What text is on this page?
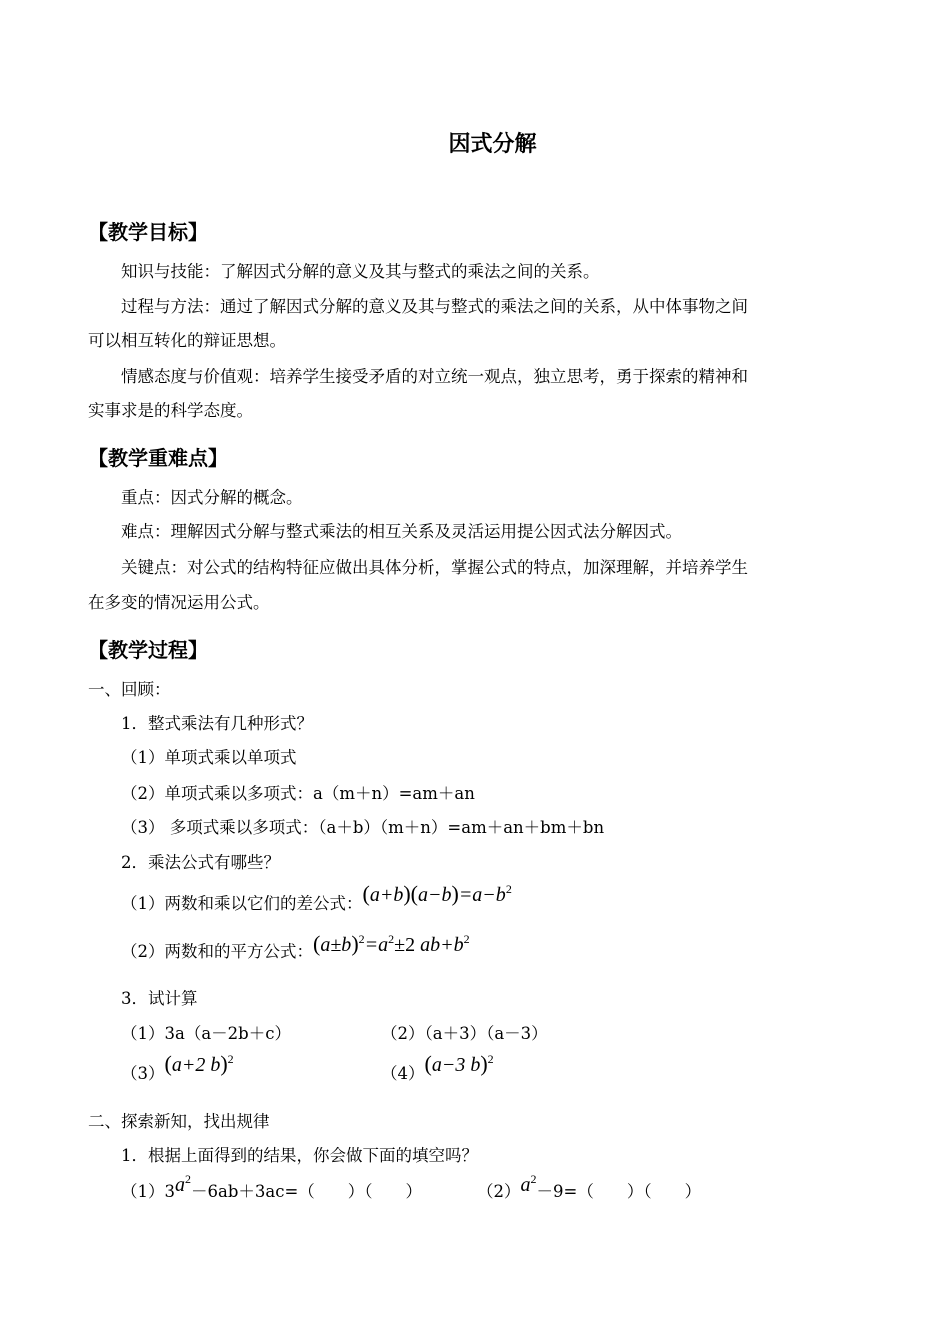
因式分解
【教学目标】
知识与技能：了解因式分解的意义及其与整式的乘法之间的关系。
过程与方法：通过了解因式分解的意义及其与整式的乘法之间的关系，从中体事物之间
可以相互转化的辩证思想。
情感态度与价值观：培养学生接受矛盾的对立统一观点，独立思考，勇于探索的精神和
实事求是的科学态度。
【教学重难点】
重点：因式分解的概念。
难点：理解因式分解与整式乘法的相互关系及灵活运用提公因式法分解因式。
关键点：对公式的结构特征应做出具体分析，掌握公式的特点，加深理解，并培养学生
在多变的情况运用公式。
【教学过程】
一、回顾：
1．整式乘法有几种形式？
（1）单项式乘以单项式
（2）单项式乘以多项式：a（m＋n）=am＋an
（3） 多项式乘以多项式：（a＋b）（m＋n）=am＋an＋bm＋bn
2．乘法公式有哪些？
（1）两数和乘以它们的差公式：$(a+b)(a-b)=a-b^2$
（2）两数和的平方公式：$(a\pm b)^2=a^2\pm 2$ $ab+b^2$
3．试计算
（1）3a（a－2b＋c）	（2）（a＋3）（a－3）
（3）(a+2 b)$^2$
（4）(a−3 b)$^2$
二、探索新知，找出规律
1．根据上面得到的结果，你会做下面的填空吗？
$(1)3a^2-6ab+3ac=$（　　）（　　）	$(2)a^2-9=$（　　）（　　）
